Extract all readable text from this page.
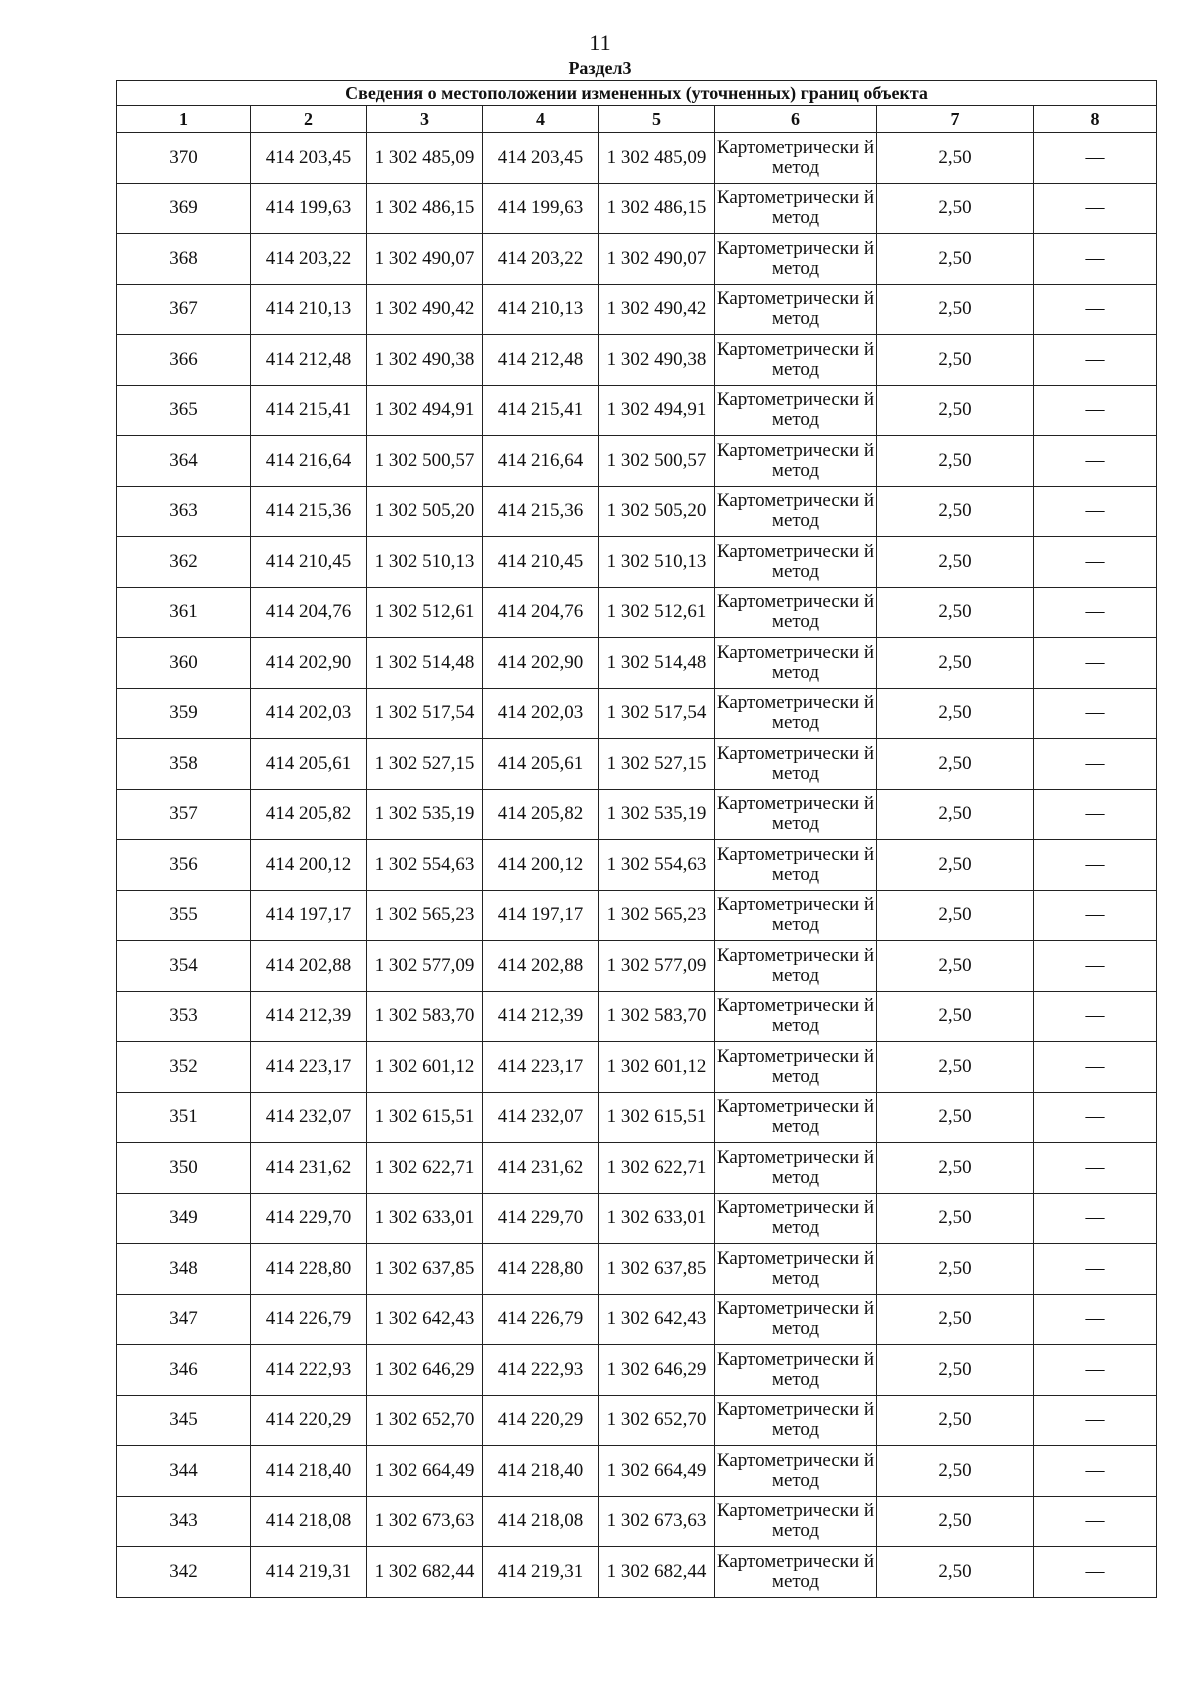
11
Раздел3
Сведения о местоположении измененных (уточненных) границ объекта							
1	2	3	4	5	6	7	8
370	414 203,45	1 302 485,09	414 203,45	1 302 485,09	Картометрически й метод	2,50	—
369	414 199,63	1 302 486,15	414 199,63	1 302 486,15	Картометрически й метод	2,50	—
368	414 203,22	1 302 490,07	414 203,22	1 302 490,07	Картометрически й метод	2,50	—
367	414 210,13	1 302 490,42	414 210,13	1 302 490,42	Картометрически й метод	2,50	—
366	414 212,48	1 302 490,38	414 212,48	1 302 490,38	Картометрически й метод	2,50	—
365	414 215,41	1 302 494,91	414 215,41	1 302 494,91	Картометрически й метод	2,50	—
364	414 216,64	1 302 500,57	414 216,64	1 302 500,57	Картометрически й метод	2,50	—
363	414 215,36	1 302 505,20	414 215,36	1 302 505,20	Картометрически й метод	2,50	—
362	414 210,45	1 302 510,13	414 210,45	1 302 510,13	Картометрически й метод	2,50	—
361	414 204,76	1 302 512,61	414 204,76	1 302 512,61	Картометрически й метод	2,50	—
360	414 202,90	1 302 514,48	414 202,90	1 302 514,48	Картометрически й метод	2,50	—
359	414 202,03	1 302 517,54	414 202,03	1 302 517,54	Картометрически й метод	2,50	—
358	414 205,61	1 302 527,15	414 205,61	1 302 527,15	Картометрически й метод	2,50	—
357	414 205,82	1 302 535,19	414 205,82	1 302 535,19	Картометрически й метод	2,50	—
356	414 200,12	1 302 554,63	414 200,12	1 302 554,63	Картометрически й метод	2,50	—
355	414 197,17	1 302 565,23	414 197,17	1 302 565,23	Картометрически й метод	2,50	—
354	414 202,88	1 302 577,09	414 202,88	1 302 577,09	Картометрически й метод	2,50	—
353	414 212,39	1 302 583,70	414 212,39	1 302 583,70	Картометрически й метод	2,50	—
352	414 223,17	1 302 601,12	414 223,17	1 302 601,12	Картометрически й метод	2,50	—
351	414 232,07	1 302 615,51	414 232,07	1 302 615,51	Картометрически й метод	2,50	—
350	414 231,62	1 302 622,71	414 231,62	1 302 622,71	Картометрически й метод	2,50	—
349	414 229,70	1 302 633,01	414 229,70	1 302 633,01	Картометрически й метод	2,50	—
348	414 228,80	1 302 637,85	414 228,80	1 302 637,85	Картометрически й метод	2,50	—
347	414 226,79	1 302 642,43	414 226,79	1 302 642,43	Картометрически й метод	2,50	—
346	414 222,93	1 302 646,29	414 222,93	1 302 646,29	Картометрически й метод	2,50	—
345	414 220,29	1 302 652,70	414 220,29	1 302 652,70	Картометрически й метод	2,50	—
344	414 218,40	1 302 664,49	414 218,40	1 302 664,49	Картометрически й метод	2,50	—
343	414 218,08	1 302 673,63	414 218,08	1 302 673,63	Картометрически й метод	2,50	—
342	414 219,31	1 302 682,44	414 219,31	1 302 682,44	Картометрически й метод	2,50	—
